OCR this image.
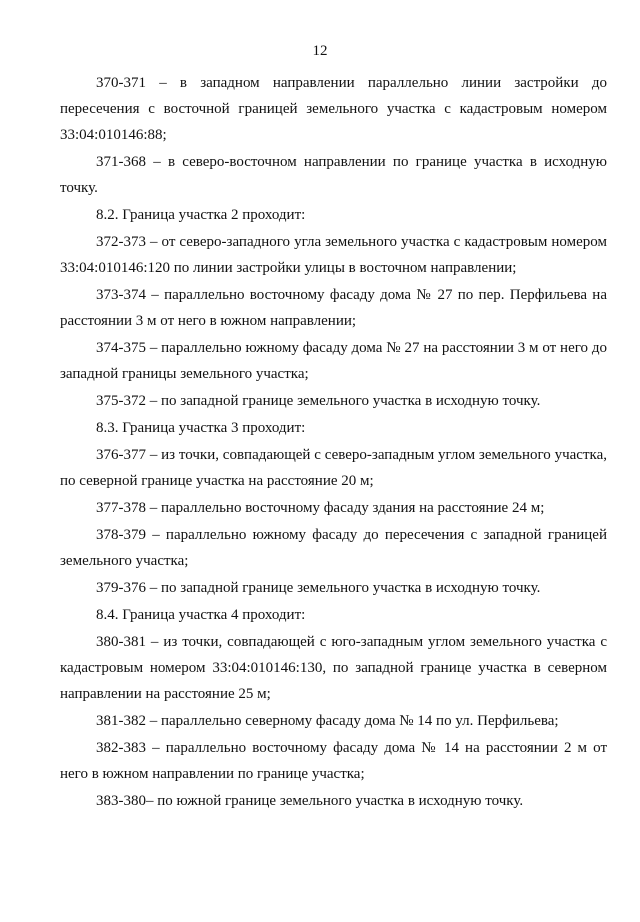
12

370-371 – в западном направлении параллельно линии застройки до пересечения с восточной границей земельного участка с кадастровым номером 33:04:010146:88;

371-368 – в северо-восточном направлении по границе участка в исходную точку.

8.2. Граница участка 2 проходит:

372-373 – от северо-западного угла земельного участка с кадастровым номером 33:04:010146:120 по линии застройки улицы в восточном направлении;

373-374 – параллельно восточному фасаду дома № 27 по пер. Перфильева на расстоянии 3 м от него в южном направлении;

374-375 – параллельно южному фасаду дома № 27 на расстоянии 3 м от него до западной границы земельного участка;

375-372 – по западной границе земельного участка в исходную точку.

8.3. Граница участка 3 проходит:

376-377 – из точки, совпадающей с северо-западным углом земельного участка, по северной границе участка на расстояние 20 м;

377-378 – параллельно восточному фасаду здания на расстояние 24 м;

378-379 – параллельно южному фасаду до пересечения с западной границей земельного участка;

379-376 – по западной границе земельного участка в исходную точку.

8.4. Граница участка 4 проходит:

380-381 – из точки, совпадающей с юго-западным углом земельного участка с кадастровым номером 33:04:010146:130, по западной границе участка в северном направлении на расстояние 25 м;

381-382 – параллельно северному фасаду дома № 14 по ул. Перфильева;

382-383 – параллельно восточному фасаду дома № 14 на расстоянии 2 м от него в южном направлении по границе участка;

383-380– по южной границе земельного участка в исходную точку.
